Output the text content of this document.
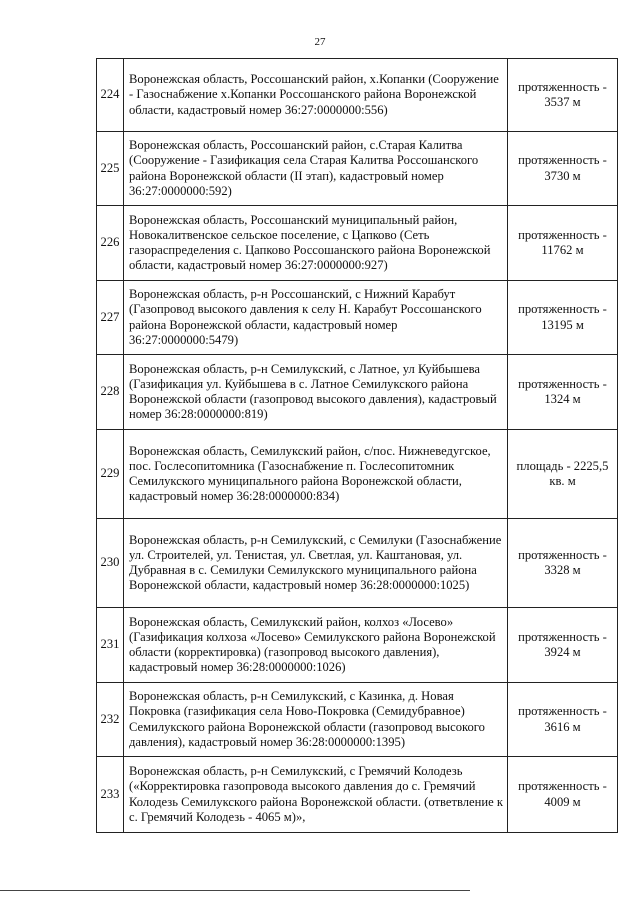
27
224	Воронежская область, Россошанский район, х.Копанки (Сооружение - Газоснабжение х.Копанки Россошанского района Воронежской области, кадастровый номер 36:27:0000000:556)	протяженность - 3537 м
225	Воронежская область, Россошанский район, с.Старая Калитва (Сооружение - Газификация села Старая Калитва Россошанского района Воронежской области (II этап), кадастровый номер 36:27:0000000:592)	протяженность - 3730 м
226	Воронежская область, Россошанский муниципальный район, Новокалитвенское сельское поселение, с Цапково (Сеть газораспределения с. Цапково Россошанского района Воронежской области, кадастровый номер 36:27:0000000:927)	протяженность - 11762 м
227	Воронежская область, р-н Россошанский, с Нижний Карабут (Газопровод высокого давления к селу Н. Карабут Россошанского района Воронежской области, кадастровый номер 36:27:0000000:5479)	протяженность - 13195 м
228	Воронежская область, р-н Семилукский, с Латное, ул Куйбышева (Газификация ул. Куйбышева в с. Латное Семилукского района Воронежской области (газопровод высокого давления), кадастровый номер 36:28:0000000:819)	протяженность - 1324 м
229	Воронежская область, Семилукский район, с/пос. Нижневедугское, пос. Гослесопитомника (Газоснабжение п. Гослесопитомник Семилукского муниципального района Воронежской области, кадастровый номер 36:28:0000000:834)	площадь - 2225,5 кв. м
230	Воронежская область, р-н Семилукский, с Семилуки (Газоснабжение ул. Строителей, ул. Тенистая, ул. Светлая, ул. Каштановая, ул. Дубравная в с. Семилуки Семилукского муниципального района Воронежской области, кадастровый номер 36:28:0000000:1025)	протяженность - 3328 м
231	Воронежская область, Семилукский район, колхоз «Лосево» (Газификация колхоза «Лосево» Семилукского района Воронежской области (корректировка) (газопровод высокого давления), кадастровый номер 36:28:0000000:1026)	протяженность - 3924 м
232	Воронежская область, р-н Семилукский, с Казинка, д. Новая Покровка (газификация села Ново-Покровка (Семидубравное) Семилукского района Воронежской области (газопровод высокого давления), кадастровый номер 36:28:0000000:1395)	протяженность - 3616 м
233	Воронежская область, р-н Семилукский, с Гремячий Колодезь («Корректировка газопровода высокого давления до с. Гремячий Колодезь Семилукского района Воронежской области. (ответвление к с. Гремячий Колодезь - 4065 м)»,	протяженность - 4009 м
